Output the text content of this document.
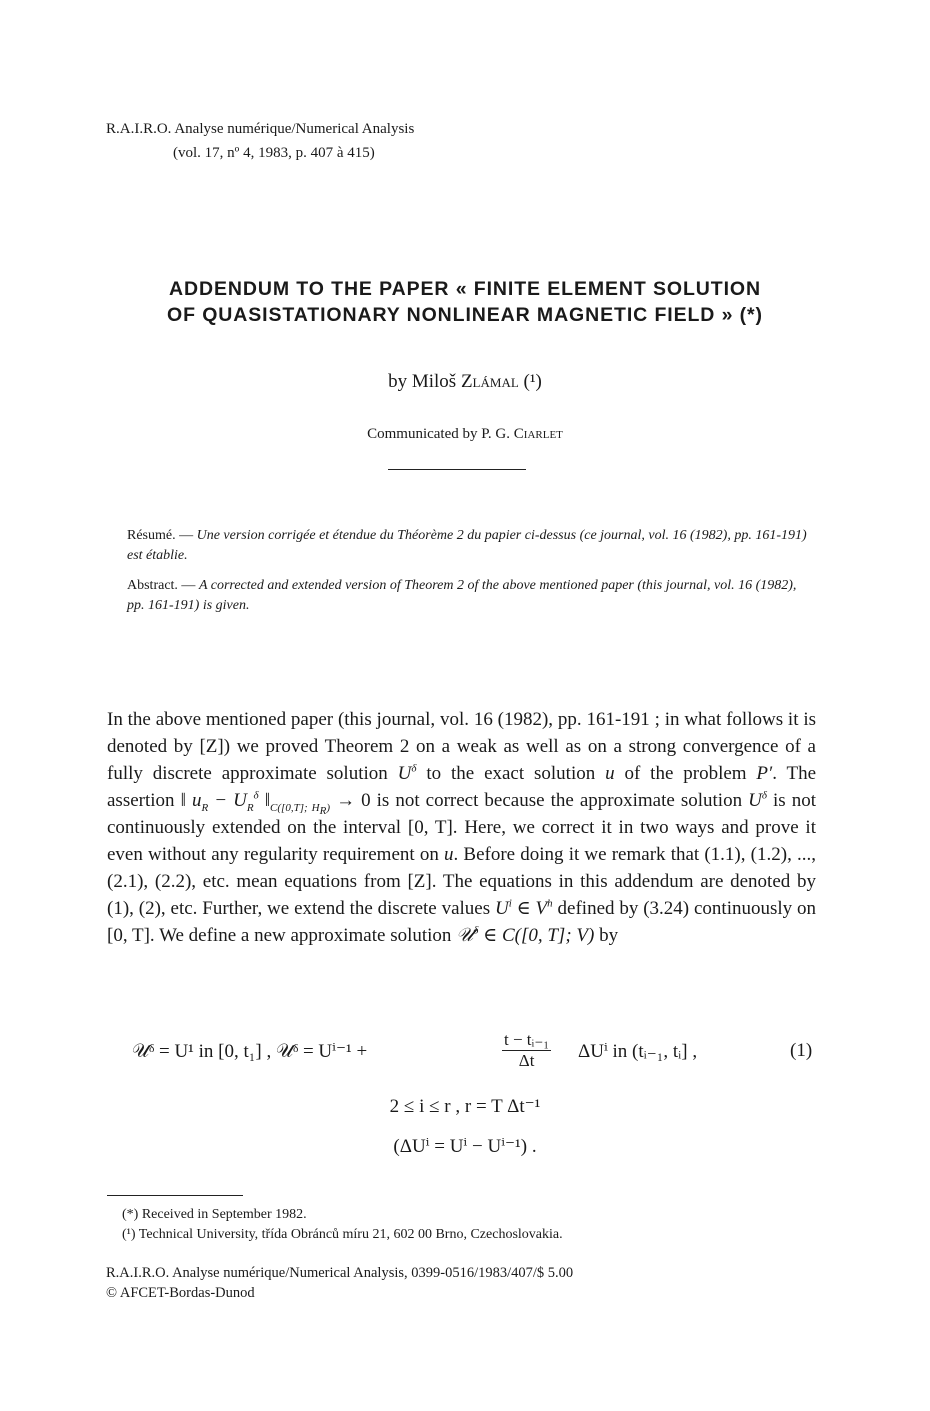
R.A.I.R.O. Analyse numérique/Numerical Analysis
(vol. 17, nº 4, 1983, p. 407 à 415)
ADDENDUM TO THE PAPER « FINITE ELEMENT SOLUTION
OF QUASISTATIONARY NONLINEAR MAGNETIC FIELD » (*)
by Miloš Zlámal (¹)
Communicated by P. G. Ciarlet
Résumé. — Une version corrigée et étendue du Théorème 2 du papier ci-dessus (ce journal, vol. 16 (1982), pp. 161-191) est établie.
Abstract. — A corrected and extended version of Theorem 2 of the above mentioned paper (this journal, vol. 16 (1982), pp. 161-191) is given.
In the above mentioned paper (this journal, vol. 16 (1982), pp. 161-191 ; in what follows it is denoted by [Z]) we proved Theorem 2 on a weak as well as on a strong convergence of a fully discrete approximate solution $U^\delta$ to the exact solution u of the problem P′. The assertion ‖ $u_R - U_R^\delta$ $‖_{C([0,T]; H_R)} \to 0$ is not correct because the approximate solution $U^\delta$ is not continuously extended on the interval [0, T]. Here, we correct it in two ways and prove it even without any regularity requirement on u. Before doing it we remark that (1.1), (1.2), ..., (2.1), (2.2), etc. mean equations from [Z]. The equations in this addendum are denoted by (1), (2), etc. Further, we extend the discrete values $U^i$ ∈ $V^h$ defined by (3.24) continuously on [0, T]. We define a new approximate solution 𝒰$^\delta$ ∈ C([0, T]; V) by
𝒰ᵟ = U¹ in [0, t₁] , 𝒰ᵟ = Uⁱ⁻¹ +	$\frac{\text{t − tᵢ₋₁}}{\Delta t}$ ΔUⁱ in (tᵢ₋₁, tᵢ] ,	(1)
2 ≤ i ≤ r , r = T Δt⁻¹
(ΔUⁱ = Uⁱ − Uⁱ⁻¹) .
(*) Received in September 1982.
(¹) Technical University, třída Obránců míru 21, 602 00 Brno, Czechoslovakia.
R.A.I.R.O. Analyse numérique/Numerical Analysis, 0399-0516/1983/407/$ 5.00
© AFCET-Bordas-Dunod
